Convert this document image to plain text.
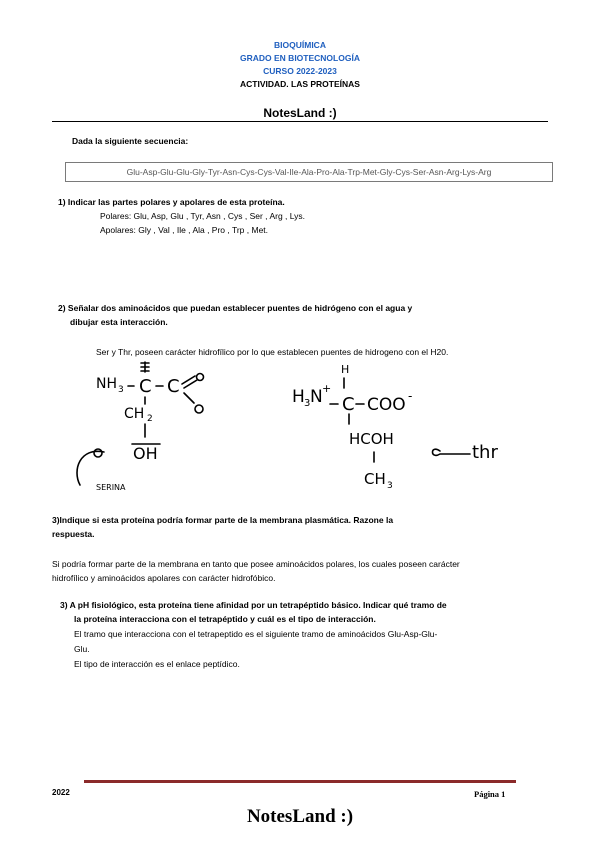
BIOQUÍMICA
GRADO EN BIOTECNOLOGÍA
CURSO 2022-2023
ACTIVIDAD. LAS PROTEÍNAS
NotesLand :)
Dada la siguiente secuencia:
Glu-Asp-Glu-Glu-Gly-Tyr-Asn-Cys-Cys-Val-Ile-Ala-Pro-Ala-Trp-Met-Gly-Cys-Ser-Asn-Arg-Lys-Arg
1) Indicar las partes polares y apolares de esta proteína.
Polares: Glu, Asp, Glu , Tyr, Asn , Cys , Ser , Arg , Lys.
Apolares: Gly , Val , Ile , Ala , Pro , Trp , Met.
2) Señalar dos aminoácidos que puedan establecer puentes de hidrógeno con el agua y
dibujar esta interacción.
Ser y Thr, poseen carácter hidrofílico por lo que establecen puentes de hidrogeno con el H20.
NH 3 C C
CH 2
OH
SERINA
H
H 3 N +
C COO -
HCOH
CH 3
thr
3)Indique si esta proteína podría formar parte de la membrana plasmática. Razone la
respuesta.
Si podría formar parte de la membrana en tanto que posee aminoácidos polares, los cuales poseen carácter
hidrofílico y aminoácidos apolares con carácter hidrofóbico.
3) A pH fisiológico, esta proteína tiene afinidad por un tetrapéptido básico. Indicar qué tramo de
la proteína interacciona con el tetrapéptido y cuál es el tipo de interacción.
El tramo que interacciona con el tetrapeptido es el siguiente tramo de aminoácidos Glu-Asp-Glu-
Glu.
El tipo de interacción es el enlace peptídico.
2022	Página 1
NotesLand :)
